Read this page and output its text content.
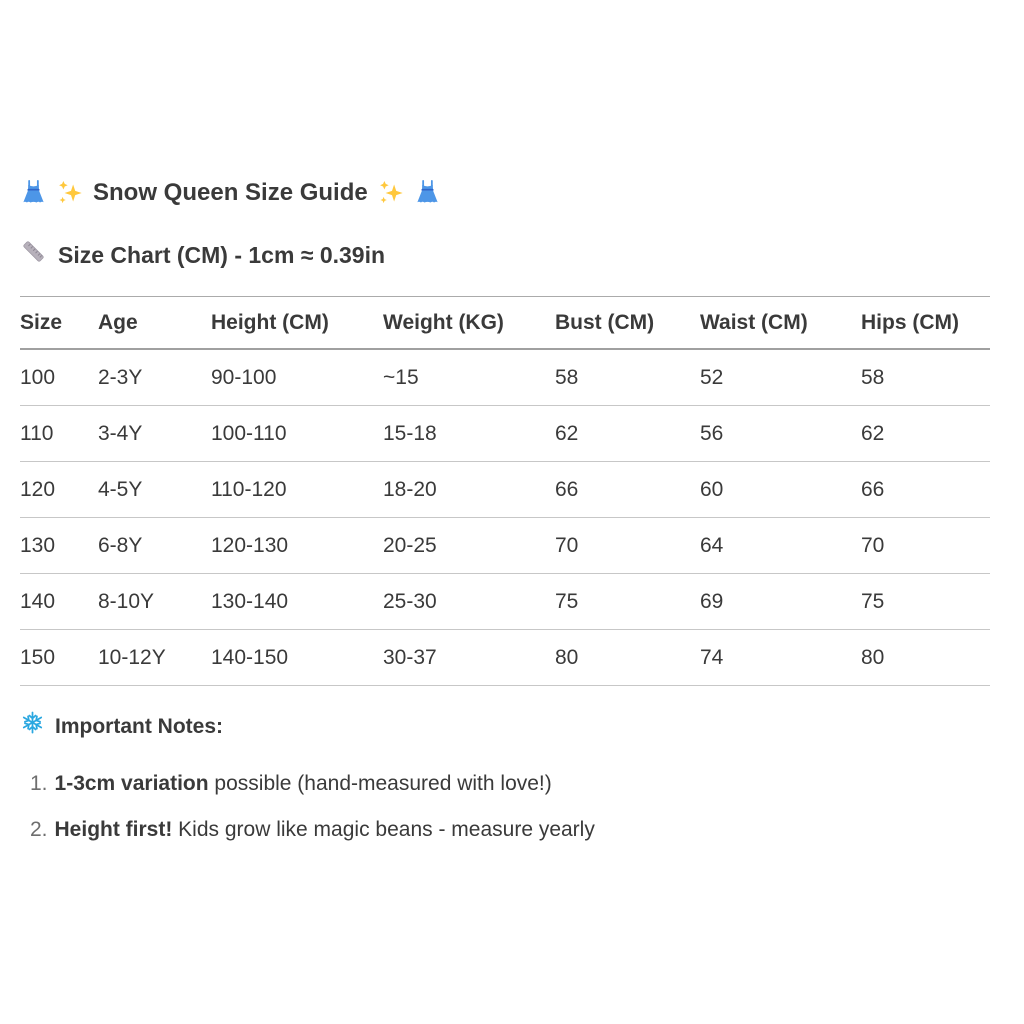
Snow Queen Size Guide
Size Chart (CM) - 1cm ≈ 0.39in
Size	Age	Height (CM)	Weight (KG)	Bust (CM)	Waist (CM)	Hips (CM)
100	2-3Y	90-100	~15	58	52	58
110	3-4Y	100-110	15-18	62	56	62
120	4-5Y	110-120	18-20	66	60	66
130	6-8Y	120-130	20-25	70	64	70
140	8-10Y	130-140	25-30	75	69	75
150	10-12Y	140-150	30-37	80	74	80
Important Notes:
1. 1-3cm variation possible (hand-measured with love!)
2. Height first! Kids grow like magic beans - measure yearly
